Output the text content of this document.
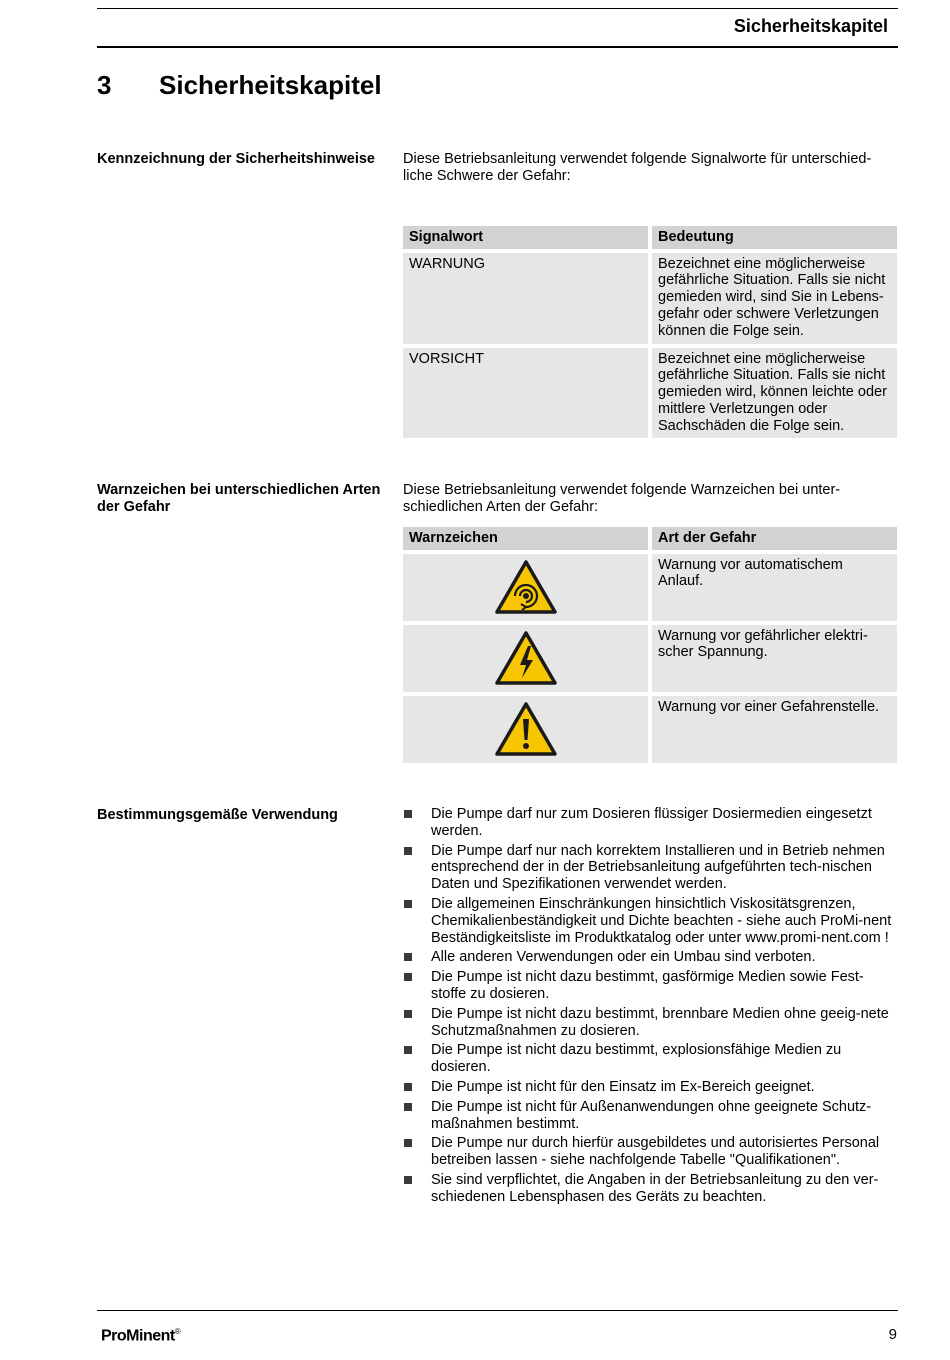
Sicherheitskapitel
3 Sicherheitskapitel
Kennzeichnung der Sicherheitshinweise	Diese Betriebsanleitung verwendet folgende Signalworte für unterschied-liche Schwere der Gefahr:
Signalwort	Bedeutung
WARNUNG	Bezeichnet eine möglicherweise gefährliche Situation. Falls sie nicht gemieden wird, sind Sie in Lebens-gefahr oder schwere Verletzungen können die Folge sein.
VORSICHT	Bezeichnet eine möglicherweise gefährliche Situation. Falls sie nicht gemieden wird, können leichte oder mittlere Verletzungen oder Sachschäden die Folge sein.
Warnzeichen bei unterschiedlichen Arten der Gefahr
Diese Betriebsanleitung verwendet folgende Warnzeichen bei unter-schiedlichen Arten der Gefahr:
Warnzeichen	Art der Gefahr
Warnung vor automatischem Anlauf.
Warnung vor gefährlicher elektri-scher Spannung.
Warnung vor einer Gefahrenstelle.
Bestimmungsgemäße Verwendung	Die Pumpe darf nur zum Dosieren flüssiger Dosiermedien eingesetzt werden.
Die Pumpe darf nur nach korrektem Installieren und in Betrieb nehmen entsprechend der in der Betriebsanleitung aufgeführten tech-nischen Daten und Spezifikationen verwendet werden.
Die allgemeinen Einschränkungen hinsichtlich Viskositätsgrenzen, Chemikalienbeständigkeit und Dichte beachten - siehe auch ProMi-nent Beständigkeitsliste im Produktkatalog oder unter www.promi-nent.com !
Alle anderen Verwendungen oder ein Umbau sind verboten.
Die Pumpe ist nicht dazu bestimmt, gasförmige Medien sowie Fest-stoffe zu dosieren.
Die Pumpe ist nicht dazu bestimmt, brennbare Medien ohne geeig-nete Schutzmaßnahmen zu dosieren.
Die Pumpe ist nicht dazu bestimmt, explosionsfähige Medien zu dosieren.
Die Pumpe ist nicht für den Einsatz im Ex-Bereich geeignet.
Die Pumpe ist nicht für Außenanwendungen ohne geeignete Schutz-maßnahmen bestimmt.
Die Pumpe nur durch hierfür ausgebildetes und autorisiertes Personal betreiben lassen - siehe nachfolgende Tabelle "Qualifikationen".
Sie sind verpflichtet, die Angaben in der Betriebsanleitung zu den ver-schiedenen Lebensphasen des Geräts zu beachten.
ProMinent®	9
